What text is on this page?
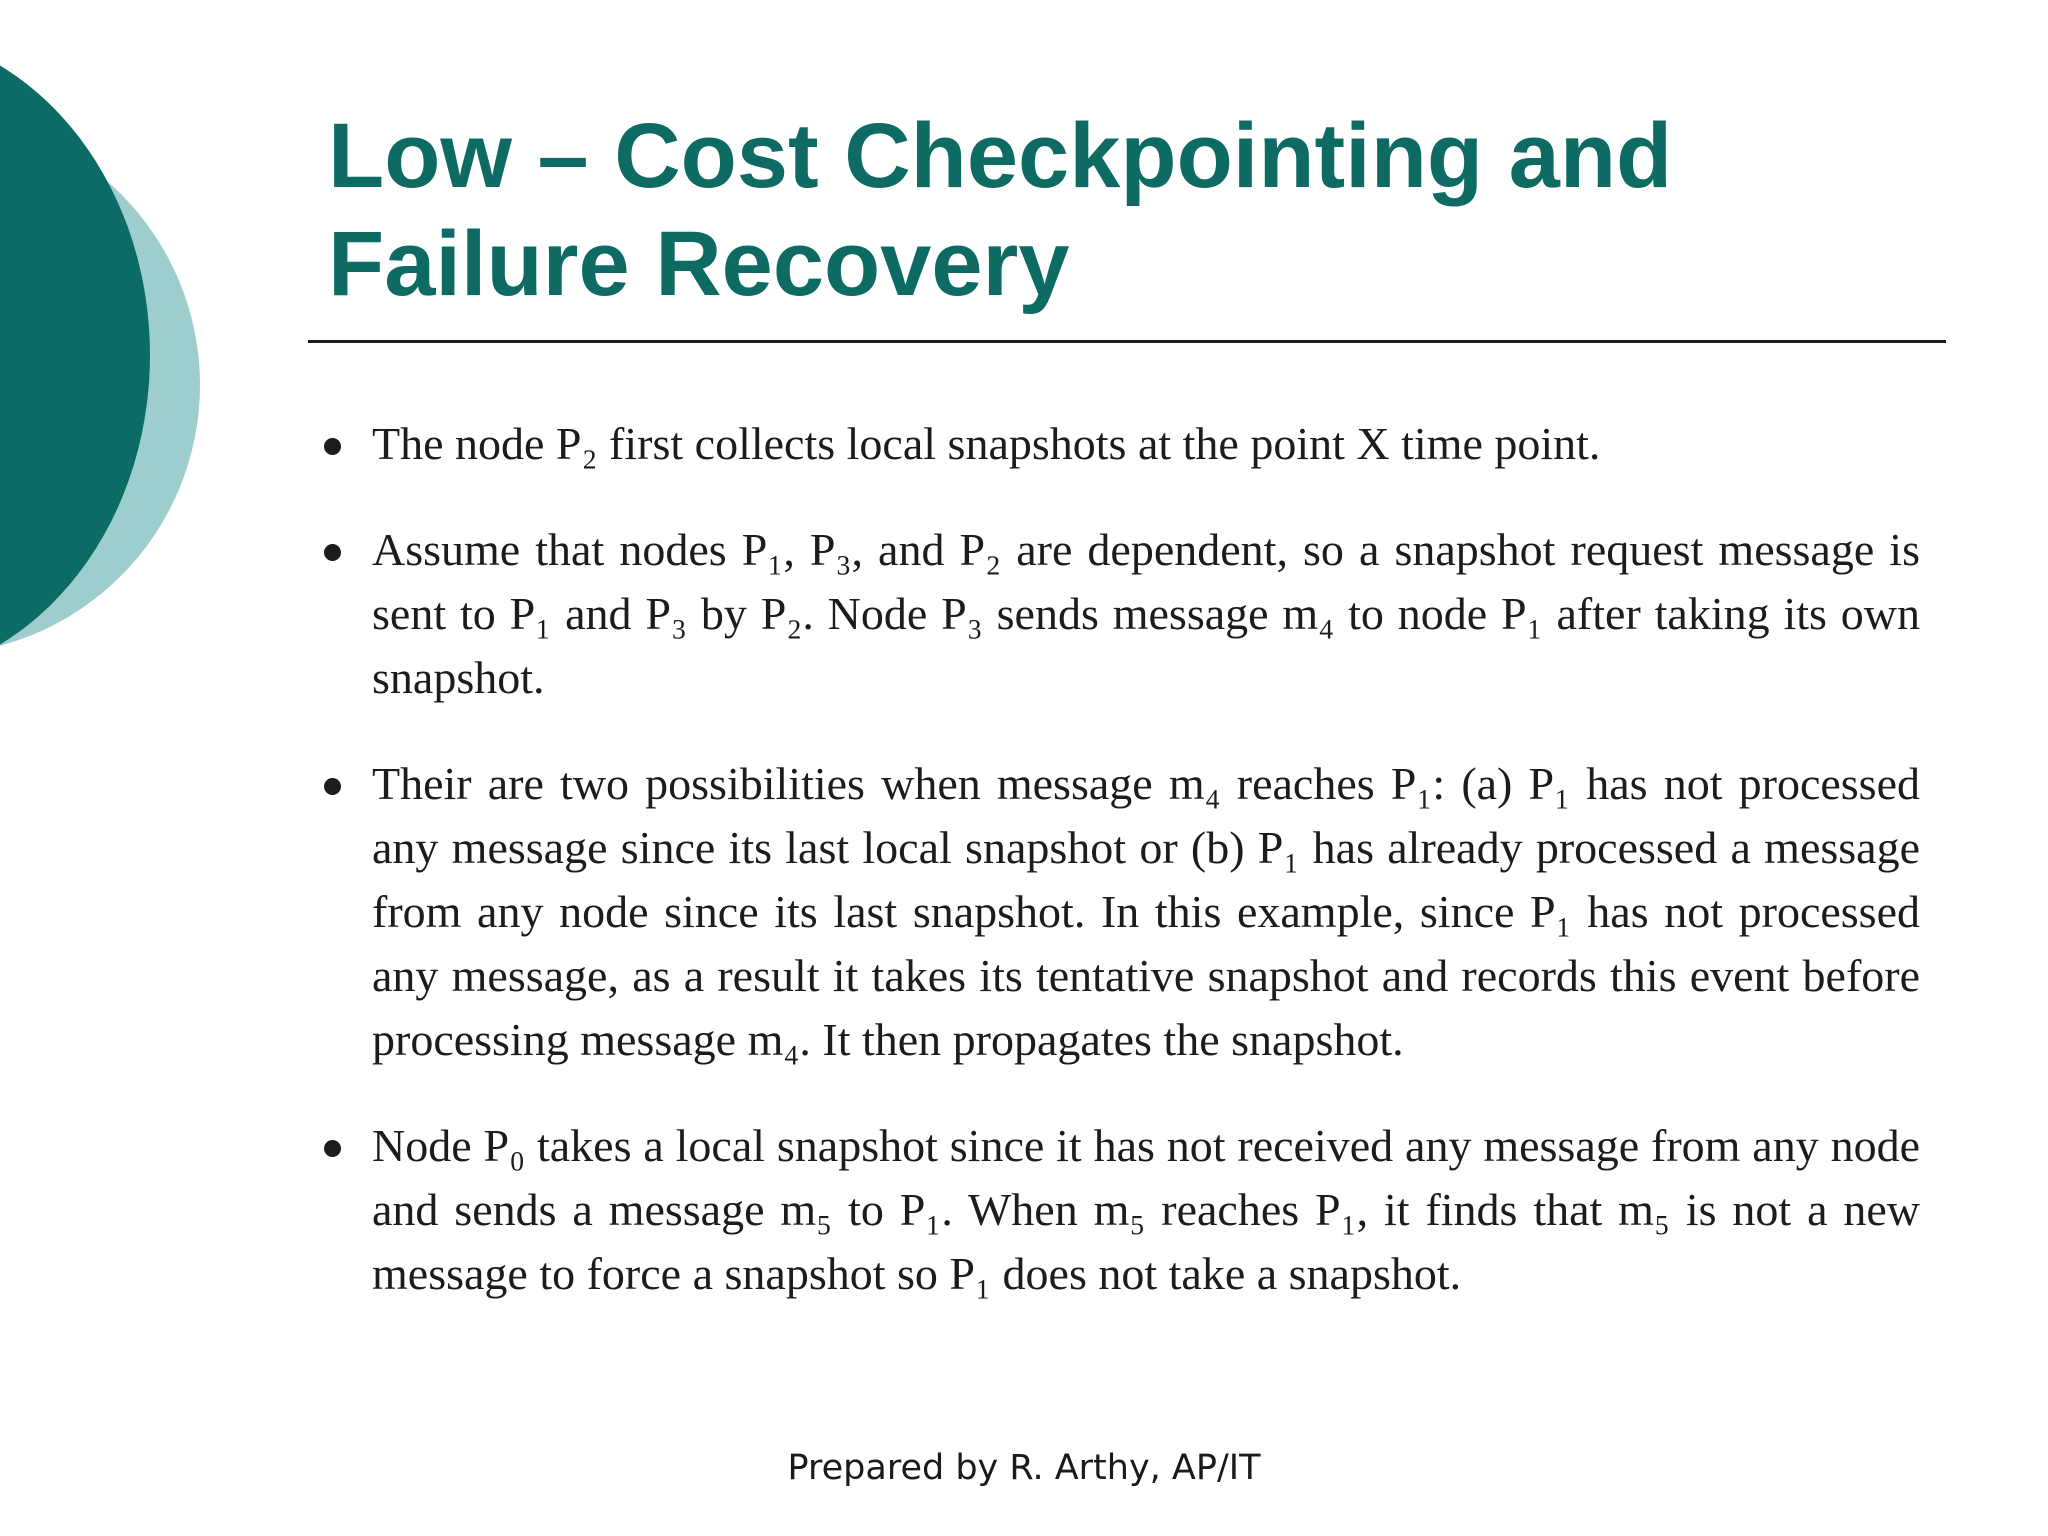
Low – Cost Checkpointing and
Failure Recovery
The node P₂ first collects local snapshots at the point X time point.
Assume that nodes P₁, P₃, and P₂ are dependent, so a snapshot request message is sent to P₁ and P₃ by P₂. Node P₃ sends message m₄ to node P₁ after taking its own snapshot.
Their are two possibilities when message m₄ reaches P₁: (a) P₁ has not processed any message since its last local snapshot or (b) P₁ has already processed a message from any node since its last snapshot. In this example, since P₁ has not processed any message, as a result it takes its tentative snapshot and records this event before processing message m₄. It then propagates the snapshot.
Node P₀ takes a local snapshot since it has not received any message from any node and sends a message m₅ to P₁. When m₅ reaches P₁, it finds that m₅ is not a new message to force a snapshot so P₁ does not take a snapshot.
Prepared by R. Arthy, AP/IT
